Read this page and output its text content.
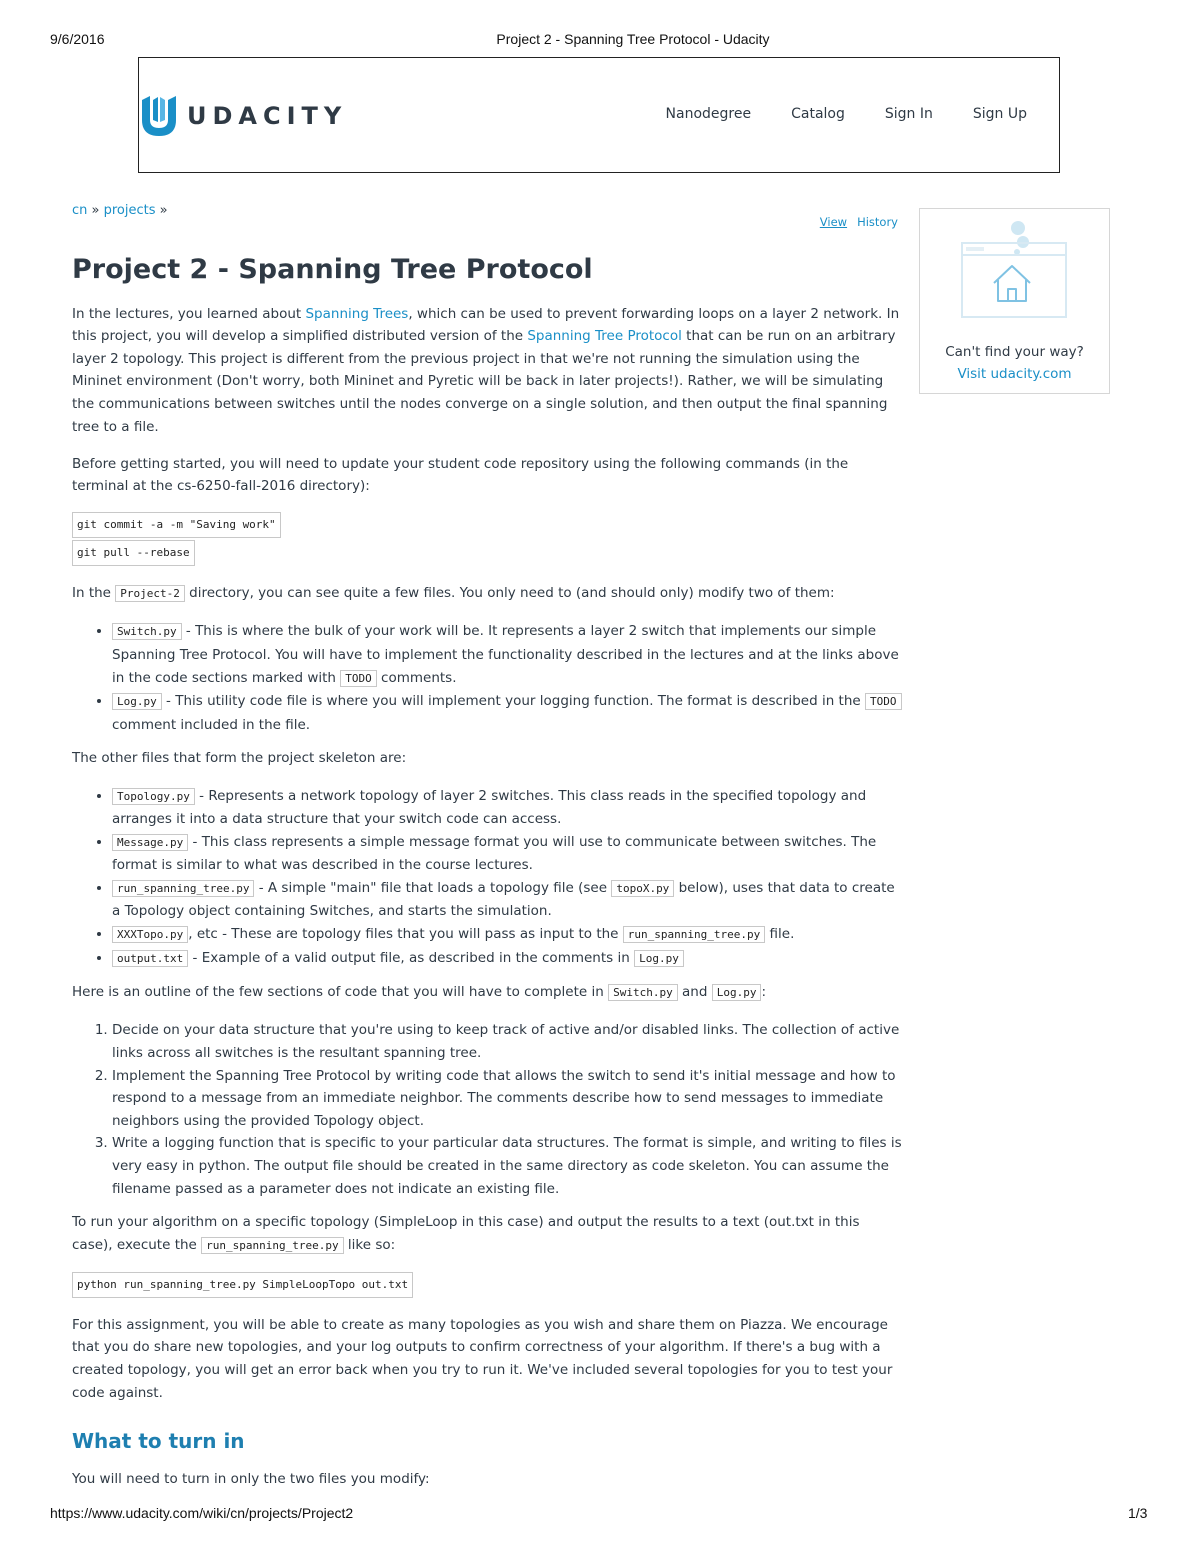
9/6/2016	Project 2 - Spanning Tree Protocol - Udacity
UDACITY	Nanodegree	Catalog	Sign In	Sign Up
cn » projects »
View History
Project 2 - Spanning Tree Protocol

In the lectures, you learned about Spanning Trees, which can be used to prevent forwarding loops on a layer 2 network. In this project, you will develop a simplified distributed version of the Spanning Tree Protocol that can be run on an arbitrary layer 2 topology. This project is different from the previous project in that we're not running the simulation using the Mininet environment (Don't worry, both Mininet and Pyretic will be back in later projects!). Rather, we will be simulating the communications between switches until the nodes converge on a single solution, and then output the final spanning tree to a file.

Before getting started, you will need to update your student code repository using the following commands (in the terminal at the cs-6250-fall-2016 directory):

git commit -a -m "Saving work"
git pull --rebase

In the Project-2 directory, you can see quite a few files. You only need to (and should only) modify two of them:

• Switch.py - This is where the bulk of your work will be. It represents a layer 2 switch that implements our simple Spanning Tree Protocol. You will have to implement the functionality described in the lectures and at the links above in the code sections marked with TODO comments.
• Log.py - This utility code file is where you will implement your logging function. The format is described in the TODO comment included in the file.

The other files that form the project skeleton are:

• Topology.py - Represents a network topology of layer 2 switches. This class reads in the specified topology and arranges it into a data structure that your switch code can access.
• Message.py - This class represents a simple message format you will use to communicate between switches. The format is similar to what was described in the course lectures.
• run_spanning_tree.py - A simple "main" file that loads a topology file (see topoX.py below), uses that data to create a Topology object containing Switches, and starts the simulation.
• XXXTopo.py , etc - These are topology files that you will pass as input to the run_spanning_tree.py file.
• output.txt - Example of a valid output file, as described in the comments in Log.py

Here is an outline of the few sections of code that you will have to complete in Switch.py and Log.py :

1. Decide on your data structure that you're using to keep track of active and/or disabled links. The collection of active links across all switches is the resultant spanning tree.
2. Implement the Spanning Tree Protocol by writing code that allows the switch to send it's initial message and how to respond to a message from an immediate neighbor. The comments describe how to send messages to immediate neighbors using the provided Topology object.
3. Write a logging function that is specific to your particular data structures. The format is simple, and writing to files is very easy in python. The output file should be created in the same directory as code skeleton. You can assume the filename passed as a parameter does not indicate an existing file.

To run your algorithm on a specific topology (SimpleLoop in this case) and output the results to a text (out.txt in this case), execute the run_spanning_tree.py like so:

python run_spanning_tree.py SimpleLoopTopo out.txt

For this assignment, you will be able to create as many topologies as you wish and share them on Piazza. We encourage that you do share new topologies, and your log outputs to confirm correctness of your algorithm. If there's a bug with a created topology, you will get an error back when you try to run it. We've included several topologies for you to test your code against.

What to turn in

You will need to turn in only the two files you modify:

Can't find your way?
Visit udacity.com
https://www.udacity.com/wiki/cn/projects/Project2	1/3
